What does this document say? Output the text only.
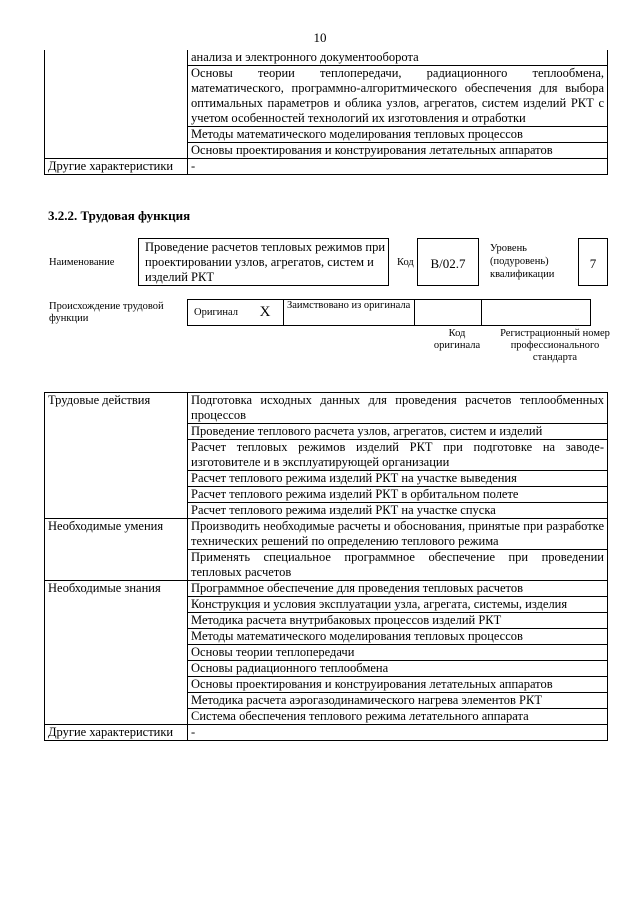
10
	анализа и электронного документооборота
	Основы теории теплопередачи, радиационного теплообмена, математического, программно-алгоритмического обеспечения для выбора оптимальных параметров и облика узлов, агрегатов, систем изделий РКТ с учетом особенностей технологий их изготовления и отработки
	Методы математического моделирования тепловых процессов
	Основы проектирования и конструирования летательных аппаратов
Другие характеристики	-
3.2.2. Трудовая функция
Наименование
Проведение расчетов тепловых режимов при проектировании узлов, агрегатов, систем и изделий РКТ
Код	B/02.7
Уровень (подуровень) квалификации
7
Происхождение трудовой функции
Оригинал	X	Заимствовано из оригинала		
Код оригинала
Регистрационный номер профессионального стандарта
Трудовые действия	Подготовка исходных данных для проведения расчетов теплообменных процессов
	Проведение теплового расчета узлов, агрегатов, систем и изделий
	Расчет тепловых режимов изделий РКТ при подготовке на заводе-изготовителе и в эксплуатирующей организации
	Расчет теплового режима изделий РКТ на участке выведения
	Расчет теплового режима изделий РКТ в орбитальном полете
	Расчет теплового режима изделий РКТ на участке спуска
Необходимые умения	Производить необходимые расчеты и обоснования, принятые при разработке технических решений по определению теплового режима
	Применять специальное программное обеспечение при проведении тепловых расчетов
Необходимые знания	Программное обеспечение для проведения тепловых расчетов
	Конструкция и условия эксплуатации узла, агрегата, системы, изделия
	Методика расчета внутрибаковых процессов изделий РКТ
	Методы математического моделирования тепловых процессов
	Основы теории теплопередачи
	Основы радиационного теплообмена
	Основы проектирования и конструирования летательных аппаратов
	Методика расчета аэрогазодинамического нагрева элементов РКТ
	Система обеспечения теплового режима летательного аппарата
Другие характеристики	-
